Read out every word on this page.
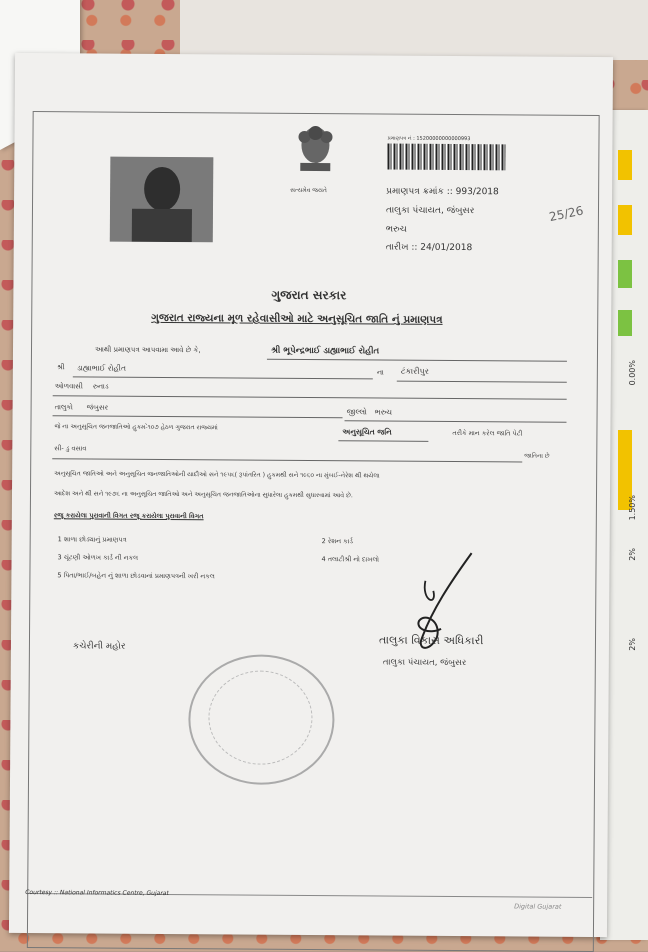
1.50%
2%
2%
0.00%
સત્યમેવ જયતે
પ્રમાણપત્ર નં : 15200000000000993
પ્રમાણપત્ર ક્રમાંક :: 993/2018
તાલુકા પંચાયત, જંબુસર
ભરુચ
તારીખ :: 24/01/2018
25/26
ગુજરાત સરકાર
ગુજરાત રાજ્યના મૂળ રહેવાસીઓ માટે અનુસૂચિત જાતિ નું પ્રમાણપત્ર
આથી પ્રમાણપત્ર આપવામા આવે છે કે,	શ્રી ભૂપેન્દ્રભાઈ ડાહ્યાભાઈ રોહીત
શ્રી ડાહ્યાભાઈ રોહીત	ના ટંકારીપુર
ઓળવાસી રુનાડ
તાલુકો જંબુસર	જીલ્લો ભરુચ
જે ના અનુસૂચિત જનજાતિઓ હુકમ-ે૧૦૭ હેઠળ ગુજરાત રાજ્યમાં	અનુસૂચિત જનિ	તરીકે માન કરેલ જાતિ પેટી
સી- ડુ વસાવ
જાતિના છે
અનુસૂચિત જાતિઓ અને અનુસૂચિત જનજાતિઓની યાદીઓ સને ૧૯૫૬( રૂપાંતરિત ) હુકમથી સને ૧૯૬૦ ના મુંબઈ-નેરેશ થી થયેલા
આદેશ અને થી સને ૧૯૭૬ ના અનુસૂચિત જાતિઓ અને અનુસૂચિત જનજાતિઓના સુધારેલા હુકમથી સુધારવામાં આવે છે.
રજૂ કરાયેલા પુરાવાની વિગત રજૂ કરાયેલા પુરાવાની વિગત
1 શાળા છોડ્યાનું પ્રમાણપત્ર	2 રેશન કાર્ડ
3 ચૂંટણી ઓળખ કાર્ડ ની નકલ	4 તલાટીશ્રી નો દાખલો
5 પિતા/ભાઈ/બહેન નું શાળા છોડવાનાં પ્રમાણપત્રની ખરી નકલ
કચેરીની મહોર	તાલુકા વિકાસ અધિકારી
તાલુકા પંચાયત, જંબુસર
Courtesy :: National Informatics Centre, Gujarat
Digital Gujarat
